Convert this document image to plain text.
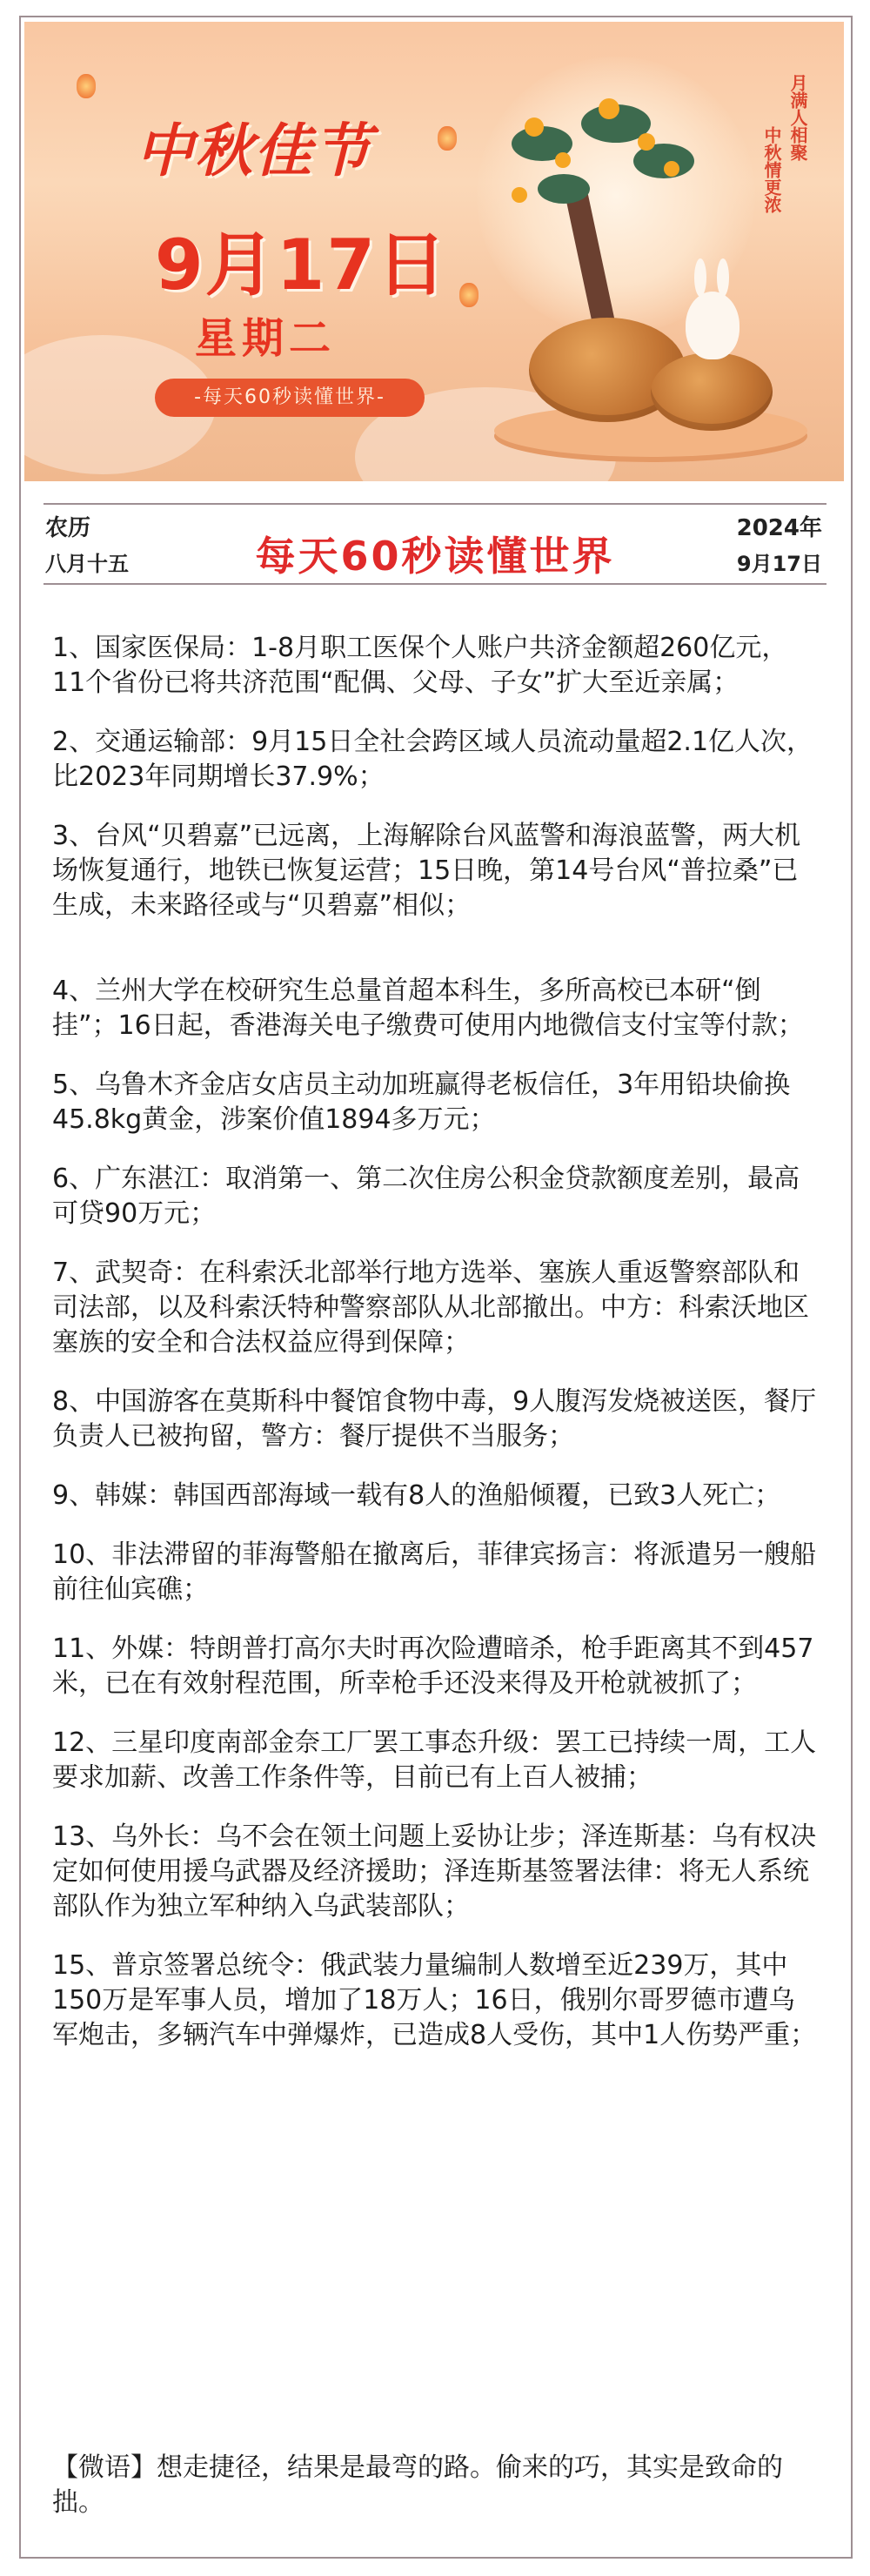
中秋佳节
9月17日
星期二
-每天60秒读懂世界-
月满人相聚
中秋情更浓
农历
八月十五	每天60秒读懂世界
2024年
9月17日
1、国家医保局：1-8月职工医保个人账户共济金额超260亿元，11个省份已将共济范围“配偶、父母、子女”扩大至近亲属；
2、交通运输部：9月15日全社会跨区域人员流动量超2.1亿人次，比2023年同期增长37.9%；
3、台风“贝碧嘉”已远离，上海解除台风蓝警和海浪蓝警，两大机场恢复通行，地铁已恢复运营；15日晚，第14号台风“普拉桑”已生成，未来路径或与“贝碧嘉”相似；
4、兰州大学在校研究生总量首超本科生，多所高校已本研“倒挂”；16日起，香港海关电子缴费可使用内地微信支付宝等付款；
5、乌鲁木齐金店女店员主动加班赢得老板信任，3年用铅块偷换45.8kg黄金，涉案价值1894多万元；
6、广东湛江：取消第一、第二次住房公积金贷款额度差别，最高可贷90万元；
7、武契奇：在科索沃北部举行地方选举、塞族人重返警察部队和司法部，以及科索沃特种警察部队从北部撤出。中方：科索沃地区塞族的安全和合法权益应得到保障；
8、中国游客在莫斯科中餐馆食物中毒，9人腹泻发烧被送医，餐厅负责人已被拘留，警方：餐厅提供不当服务；
9、韩媒：韩国西部海域一载有8人的渔船倾覆，已致3人死亡；
10、非法滞留的菲海警船在撤离后，菲律宾扬言：将派遣另一艘船前往仙宾礁；
11、外媒：特朗普打高尔夫时再次险遭暗杀，枪手距离其不到457米，已在有效射程范围，所幸枪手还没来得及开枪就被抓了；
12、三星印度南部金奈工厂罢工事态升级：罢工已持续一周，工人要求加薪、改善工作条件等，目前已有上百人被捕；
13、乌外长：乌不会在领土问题上妥协让步；泽连斯基：乌有权决定如何使用援乌武器及经济援助；泽连斯基签署法律：将无人系统部队作为独立军种纳入乌武装部队；
15、普京签署总统令：俄武装力量编制人数增至近239万，其中150万是军事人员，增加了18万人；16日，俄别尔哥罗德市遭乌军炮击，多辆汽车中弹爆炸，已造成8人受伤，其中1人伤势严重；
【微语】想走捷径，结果是最弯的路。偷来的巧，其实是致命的拙。
